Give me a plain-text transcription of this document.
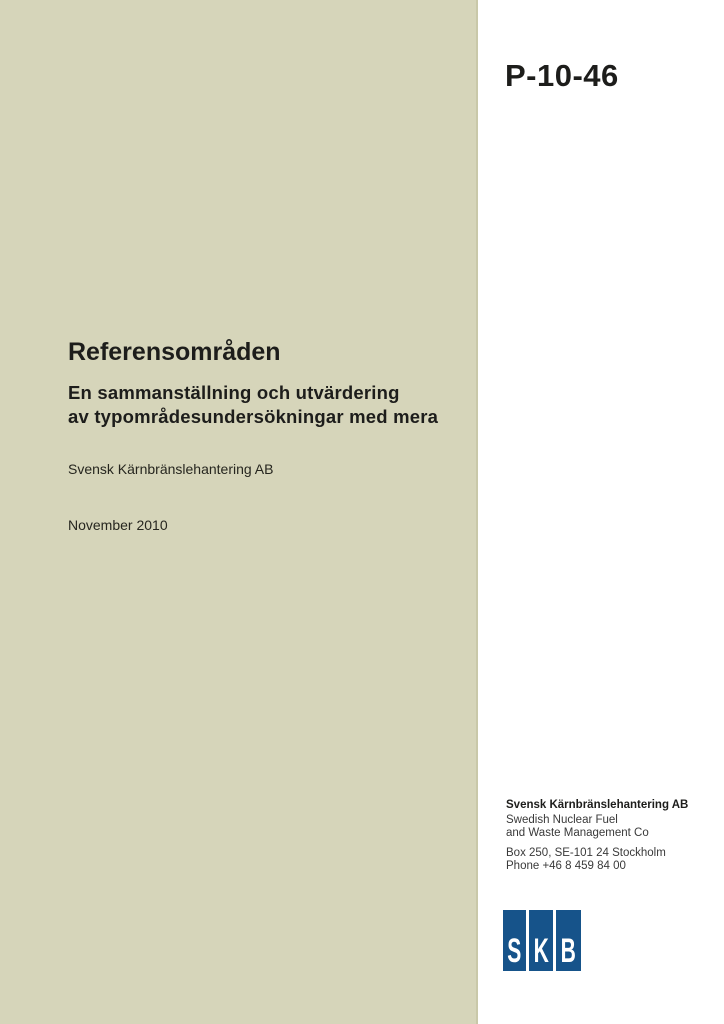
P-10-46
Referensområden
En sammanställning och utvärdering
av typområdesundersökningar med mera
Svensk Kärnbränslehantering AB
November 2010
Svensk Kärnbränslehantering AB
Swedish Nuclear Fuel
and Waste Management Co
Box 250, SE-101 24 Stockholm
Phone +46 8 459 84 00
S K B
